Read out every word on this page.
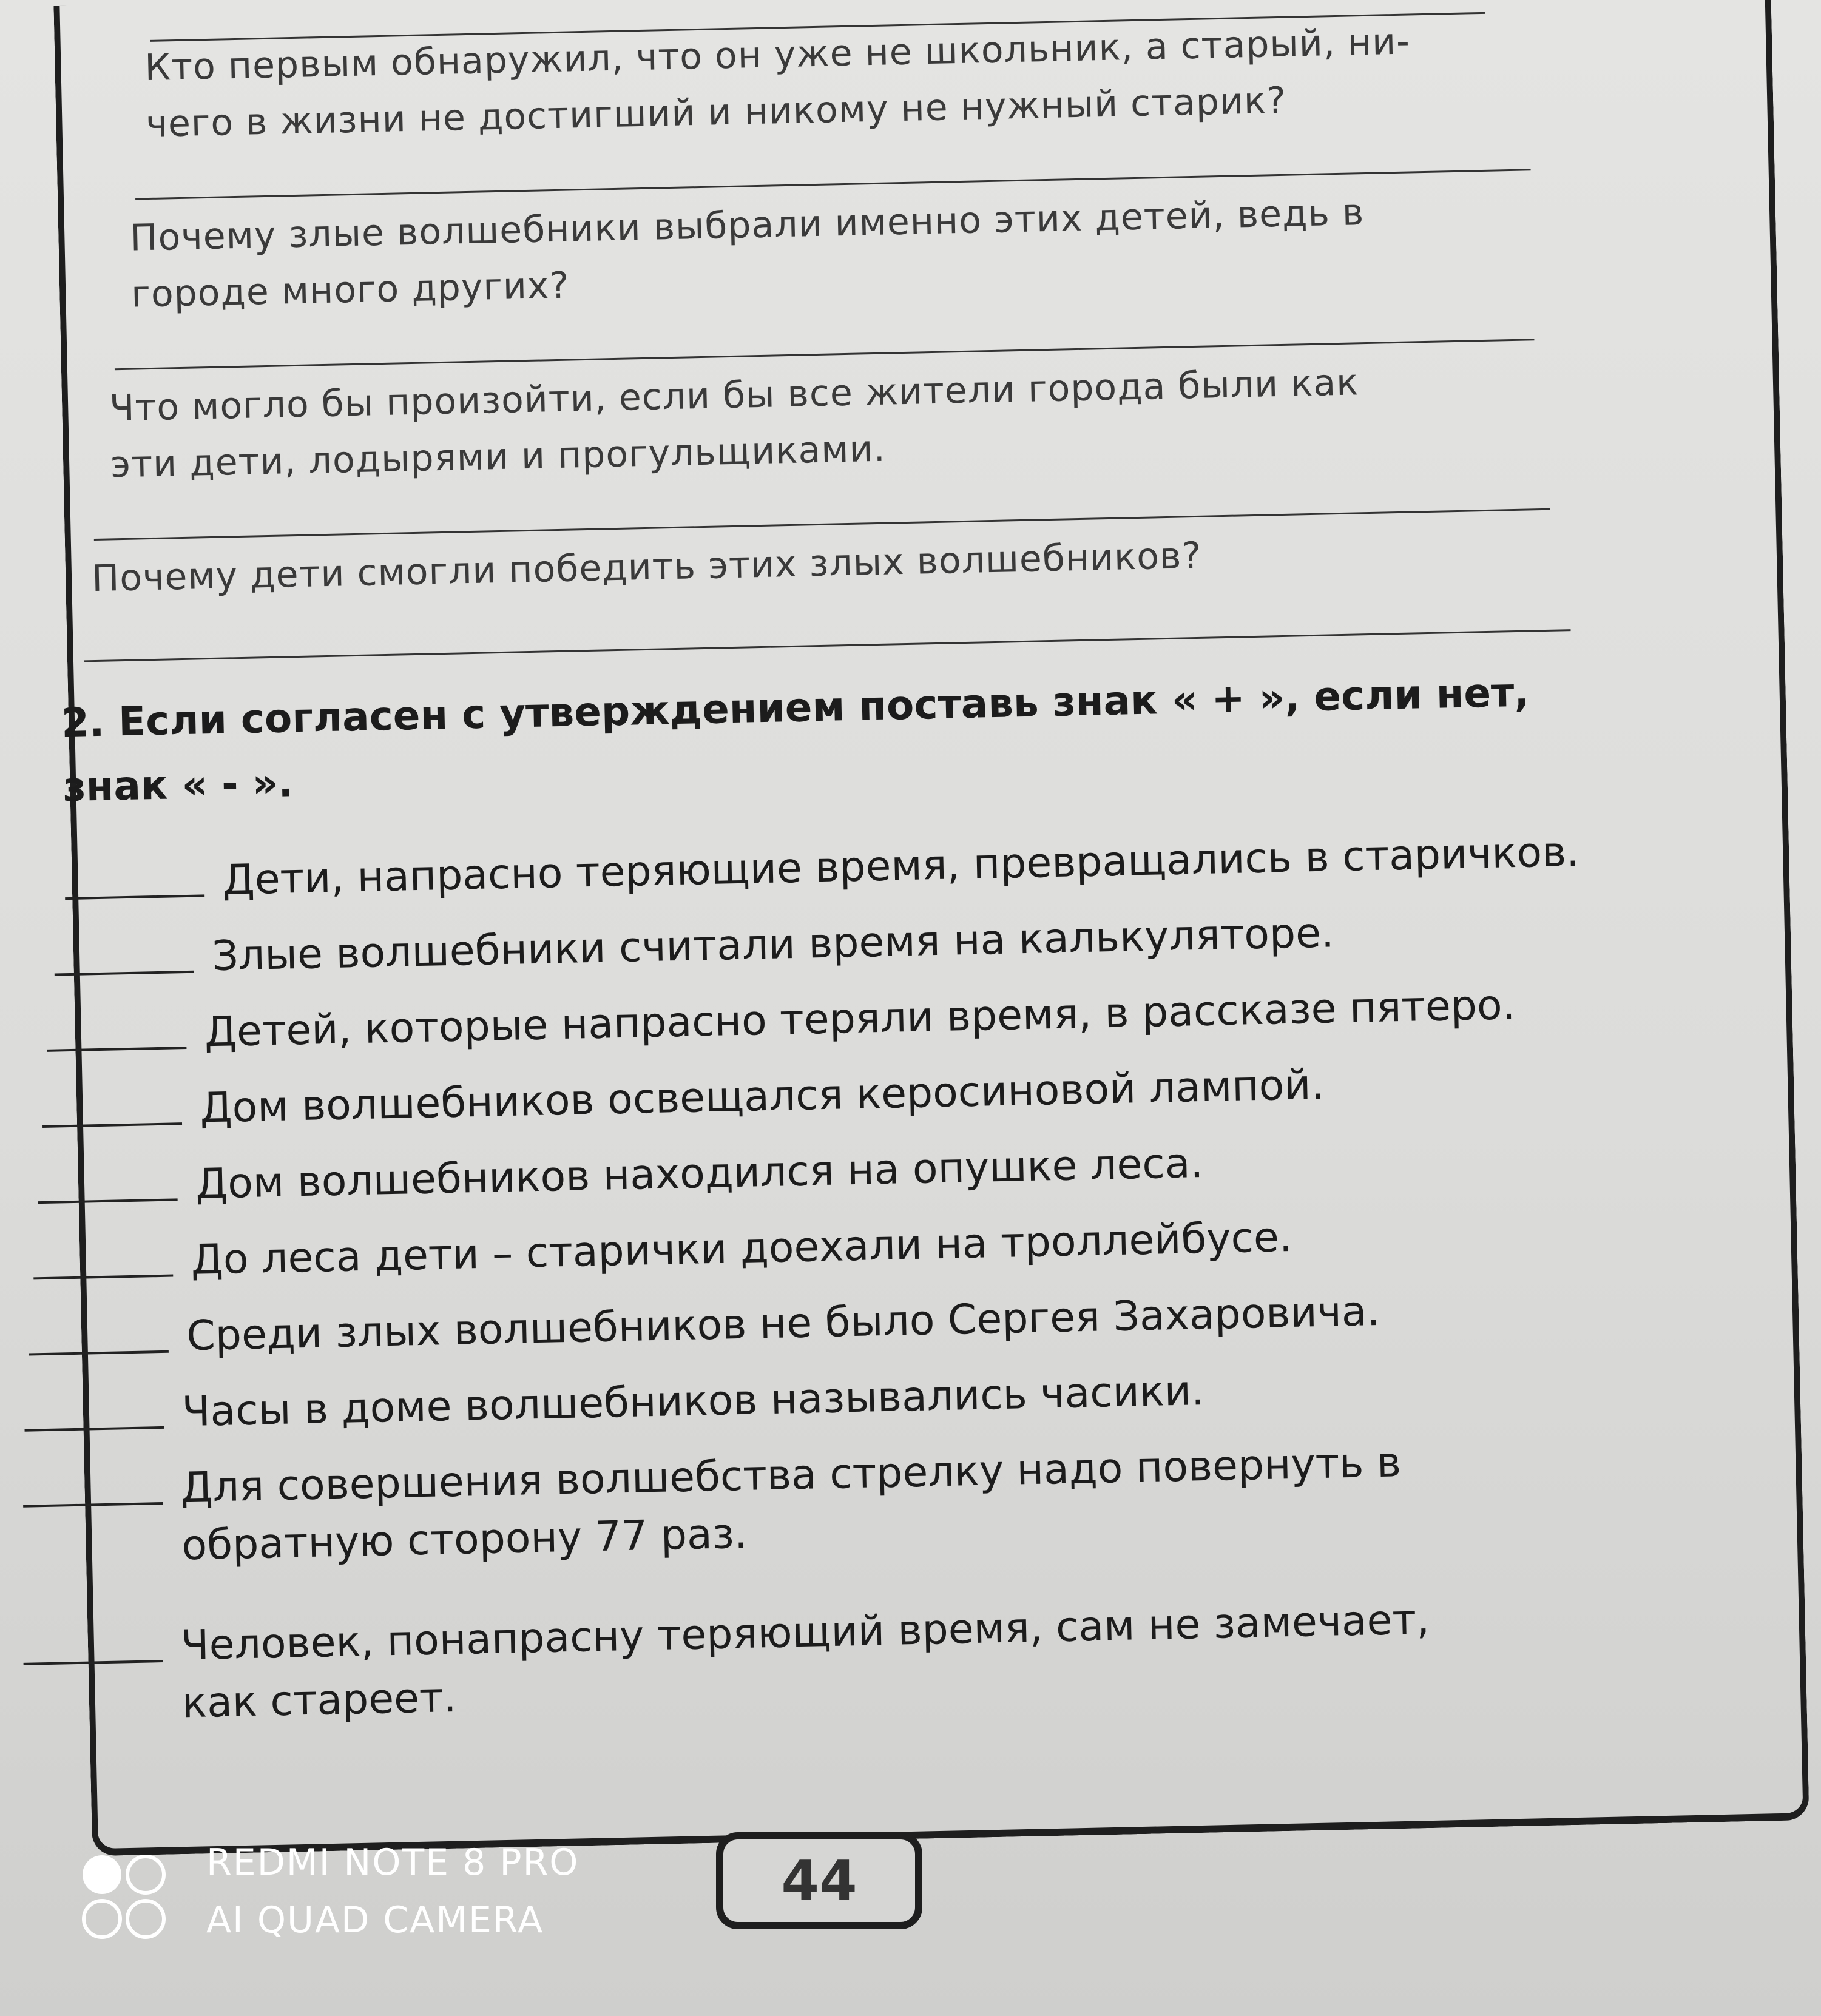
Кто первым обнаружил, что он уже не школьник, а старый, ни-
чего в жизни не достигший и никому не нужный старик?
Почему злые волшебники выбрали именно этих детей, ведь в
городе много других?
Что могло бы произойти, если бы все жители города были как
эти дети, лодырями и прогульщиками.
Почему дети смогли победить этих злых волшебников?
2. Если согласен с утверждением поставь знак « + », если нет,
знак « - ».
Дети, напрасно теряющие время, превращались в старичков.
Злые волшебники считали время на калькуляторе.
Детей, которые напрасно теряли время, в рассказе пятеро.
Дом волшебников освещался керосиновой лампой.
Дом волшебников находился на опушке леса.
До леса дети – старички доехали на троллейбусе.
Среди злых волшебников не было Сергея Захаровича.
Часы в доме волшебников назывались часики.
Для совершения волшебства стрелку надо повернуть в
обратную сторону 77 раз.
Человек, понапрасну теряющий время, сам не замечает,
как стареет.
44
REDMI NOTE 8 PRO
AI QUAD CAMERA
